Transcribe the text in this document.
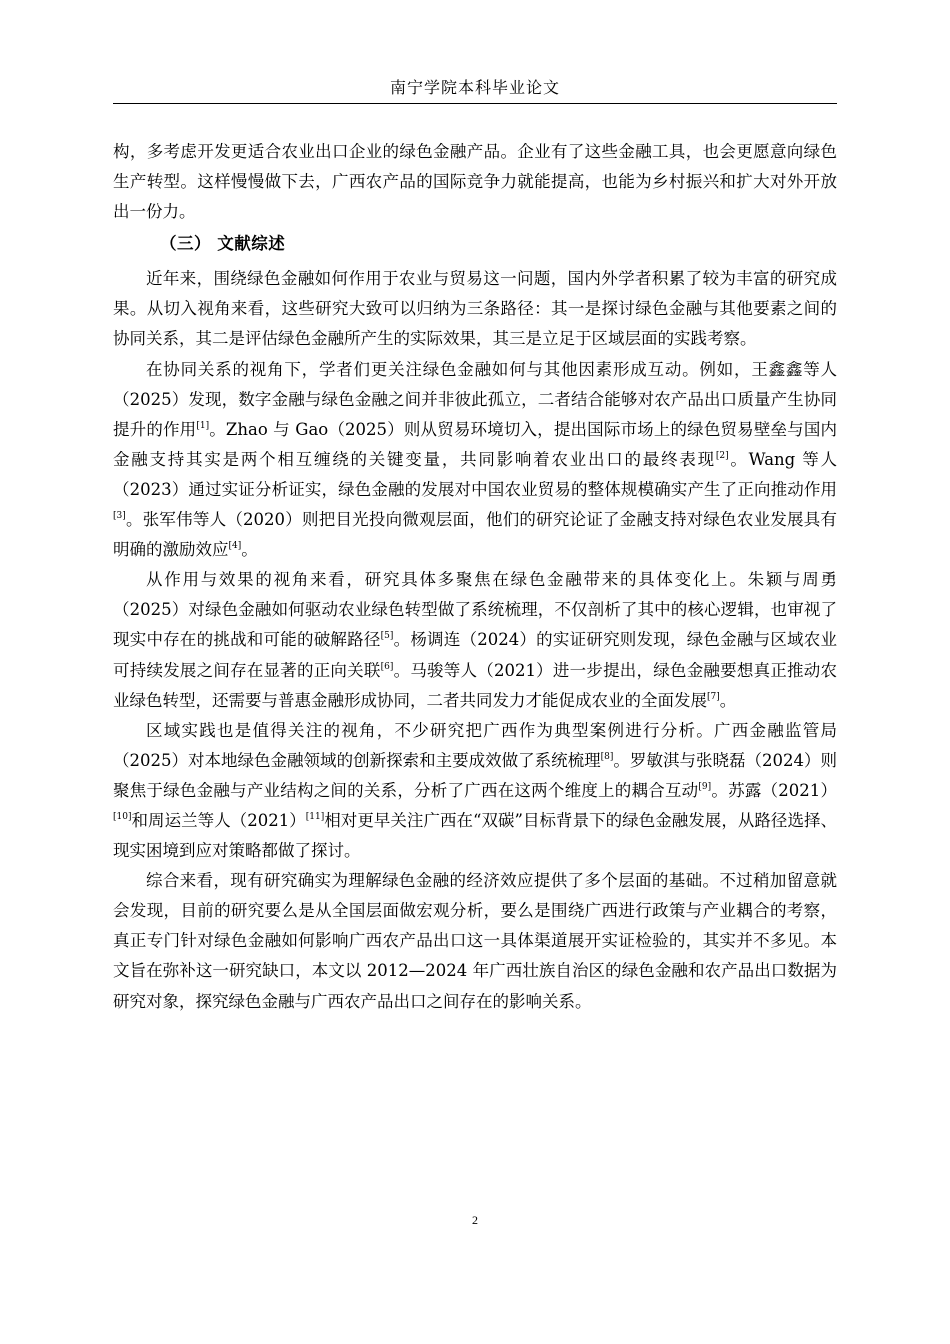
南宁学院本科毕业论文

构，多考虑开发更适合农业出口企业的绿色金融产品。企业有了这些金融工具，也会更愿意向绿色生产转型。这样慢慢做下去，广西农产品的国际竞争力就能提高，也能为乡村振兴和扩大对外开放出一份力。

（三） 文献综述

近年来，围绕绿色金融如何作用于农业与贸易这一问题，国内外学者积累了较为丰富的研究成果。从切入视角来看，这些研究大致可以归纳为三条路径：其一是探讨绿色金融与其他要素之间的协同关系，其二是评估绿色金融所产生的实际效果，其三是立足于区域层面的实践考察。

在协同关系的视角下，学者们更关注绿色金融如何与其他因素形成互动。例如，王鑫鑫等人（2025）发现，数字金融与绿色金融之间并非彼此孤立，二者结合能够对农产品出口质量产生协同提升的作用[1]。Zhao 与 Gao（2025）则从贸易环境切入，提出国际市场上的绿色贸易壁垒与国内金融支持其实是两个相互缠绕的关键变量，共同影响着农业出口的最终表现[2]。Wang 等人（2023）通过实证分析证实，绿色金融的发展对中国农业贸易的整体规模确实产生了正向推动作用[3]。张军伟等人（2020）则把目光投向微观层面，他们的研究论证了金融支持对绿色农业发展具有明确的激励效应[4]。

从作用与效果的视角来看，研究具体多聚焦在绿色金融带来的具体变化上。朱颖与周勇（2025）对绿色金融如何驱动农业绿色转型做了系统梳理，不仅剖析了其中的核心逻辑，也审视了现实中存在的挑战和可能的破解路径[5]。杨调连（2024）的实证研究则发现，绿色金融与区域农业可持续发展之间存在显著的正向关联[6]。马骏等人（2021）进一步提出，绿色金融要想真正推动农业绿色转型，还需要与普惠金融形成协同，二者共同发力才能促成农业的全面发展[7]。

区域实践也是值得关注的视角，不少研究把广西作为典型案例进行分析。广西金融监管局（2025）对本地绿色金融领域的创新探索和主要成效做了系统梳理[8]。罗敏淇与张晓磊（2024）则聚焦于绿色金融与产业结构之间的关系，分析了广西在这两个维度上的耦合互动[9]。苏露（2021）[10]和周运兰等人（2021）[11]相对更早关注广西在“双碳”目标背景下的绿色金融发展，从路径选择、现实困境到应对策略都做了探讨。

综合来看，现有研究确实为理解绿色金融的经济效应提供了多个层面的基础。不过稍加留意就会发现，目前的研究要么是从全国层面做宏观分析，要么是围绕广西进行政策与产业耦合的考察，真正专门针对绿色金融如何影响广西农产品出口这一具体渠道展开实证检验的，其实并不多见。本文旨在弥补这一研究缺口，本文以 2012—2024 年广西壮族自治区的绿色金融和农产品出口数据为研究对象，探究绿色金融与广西农产品出口之间存在的影响关系。

2
